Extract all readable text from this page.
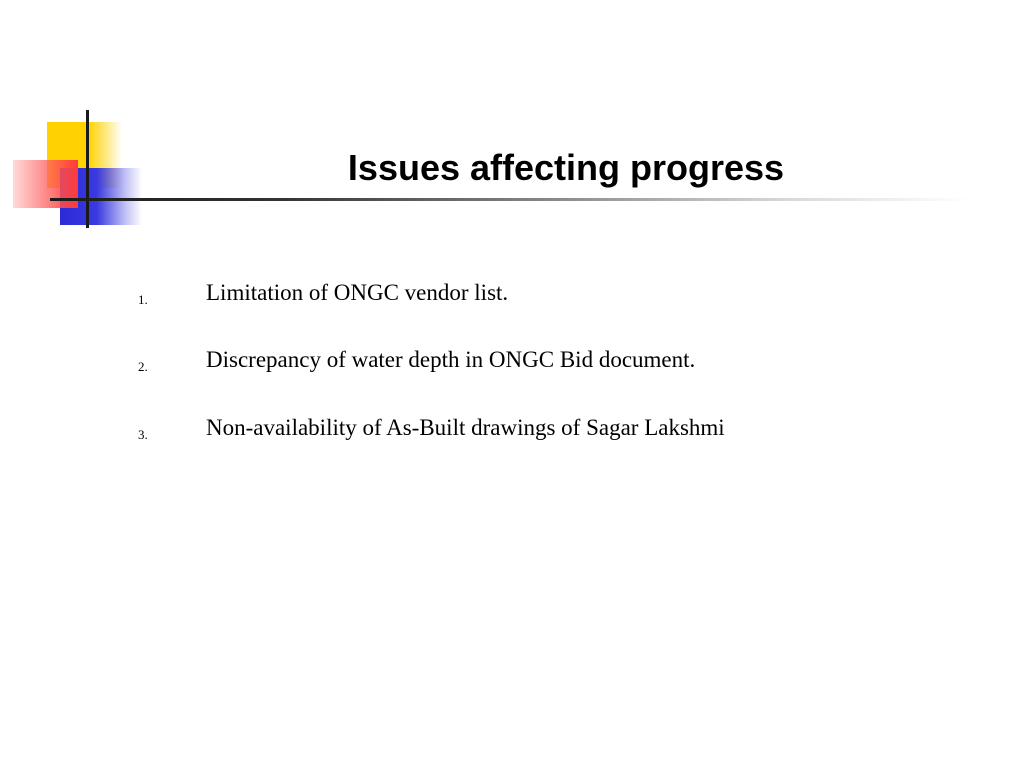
Issues affecting progress
1.	Limitation of ONGC vendor list.
2.	Discrepancy of water depth in ONGC Bid document.
3.	Non-availability of As-Built drawings of Sagar Lakshmi
